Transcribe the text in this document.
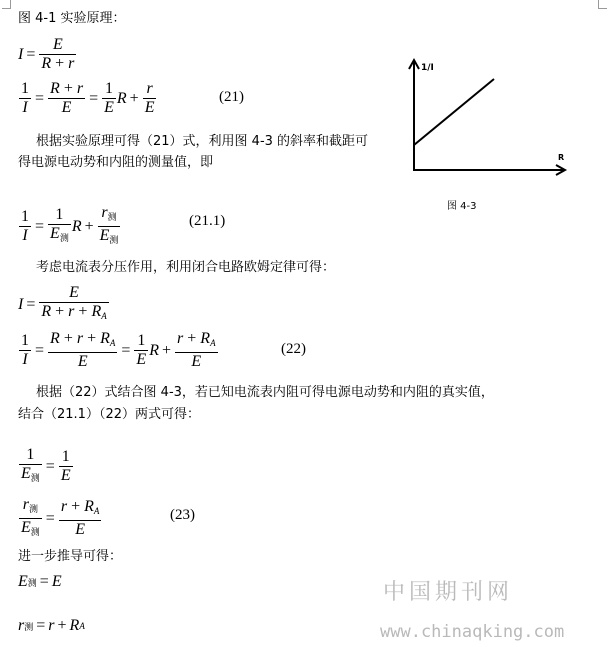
图 4-1 实验原理：
$I = \frac{E}{R + r}$
$\frac{1}{I} = \frac{R + r}{E} = \frac{1}{E}$ $R + \frac{r}{E}$	(21)
根据实验原理可得（21）式，利用图 4-3 的斜率和截距可
得电源电动势和内阻的测量值，即
1/I
R
图 4-3
$\frac{1}{I}$ =
1
$E_测$
R +
$r_测$
$E_测$
(21.1)
考虑电流表分压作用，利用闭合电路欧姆定律可得：
$I = \frac{E}{R + r + R_A}$
$\frac{1}{I} = \frac{R + r + R_A}{E} = \frac{1}{E}$ $R + \frac{r + R_A}{E}$	(22)
根据（22）式结合图 4-3，若已知电流表内阻可得电源电动势和内阻的真实值，
结合（21.1）（22）两式可得：
1
$E_测$
= $\frac{1}{E}$
$r_测$
$E_测$
= $\frac{r + R_A}{E}$	(23)
进一步推导可得：
E 测 = E
r 测 = r + R A
中国期刊网
www.chinaqking.com
